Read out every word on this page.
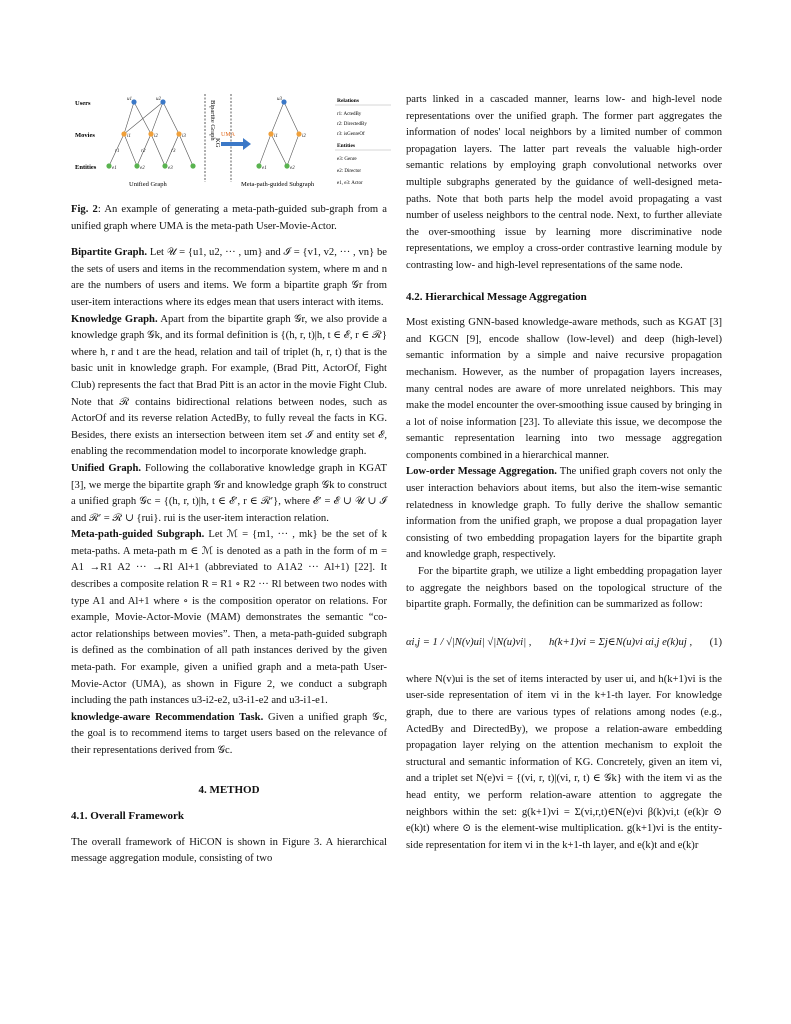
Users
Movies
Entities
u1	u2
i1	i2	i3
e1	e2	e3
r1	r2	r3
Unified Graph
Bipartite Graph
KG
UMA
u3
i1	i2
e1	e2
Meta-path-guided Subgraph
Relations
r1: ActedBy
r2: DirectedBy
r3: isGenreOf
Entities
e3: Genre
e2: Director
e1, e3: Actor

Fig. 2: An example of generating a meta-path-guided sub-graph from a unified graph where UMA is the meta-path User-Movie-Actor.

Bipartite Graph. Let 𝒰 = {u1, u2, ··· , um} and ℐ = {v1, v2, ··· , vn} be the sets of users and items in the recommendation system, where m and n are the numbers of users and items. We form a bipartite graph 𝒢r from user-item interactions where its edges mean that users interact with items.

Knowledge Graph. Apart from the bipartite graph 𝒢r, we also provide a knowledge graph 𝒢k, and its formal definition is {(h, r, t)|h, t ∈ ℰ, r ∈ ℛ} where h, r and t are the head, relation and tail of triplet (h, r, t) that is the basic unit in knowledge graph. For example, (Brad Pitt, ActorOf, Fight Club) represents the fact that Brad Pitt is an actor in the movie Fight Club. Note that ℛ contains bidirectional relations between nodes, such as ActorOf and its reverse relation ActedBy, to fully reveal the facts in KG. Besides, there exists an intersection between item set ℐ and entity set ℰ, enabling the recommendation model to incorporate knowledge graph.

Unified Graph. Following the collaborative knowledge graph in KGAT [3], we merge the bipartite graph 𝒢r and knowledge graph 𝒢k to construct a unified graph 𝒢c = {(h, r, t)|h, t ∈ ℰ′, r ∈ ℛ′}, where ℰ′ = ℰ ∪ 𝒰 ∪ ℐ and ℛ′ = ℛ ∪ {rui}. rui is the user-item interaction relation.

Meta-path-guided Subgraph. Let ℳ = {m1, ··· , mk} be the set of k meta-paths. A meta-path m ∈ ℳ is denoted as a path in the form of m = A1 →R1 A2 ··· →Rl Al+1 (abbreviated to A1A2 ··· Al+1) [22]. It describes a composite relation R = R1 ∘ R2 ··· Rl between two nodes with type A1 and Al+1 where ∘ is the composition operator on relations. For example, Movie-Actor-Movie (MAM) demonstrates the semantic “co-actor relationships between movies”. Then, a meta-path-guided subgraph is defined as the combination of all path instances derived by the given meta-path. For example, given a unified graph and a meta-path User-Movie-Actor (UMA), as shown in Figure 2, we conduct a subgraph including the path instances u3-i2-e2, u3-i1-e2 and u3-i1-e1.

knowledge-aware Recommendation Task. Given a unified graph 𝒢c, the goal is to recommend items to target users based on the relevance of their representations derived from 𝒢c.

4. METHOD
4.1. Overall Framework

The overall framework of HiCON is shown in Figure 3. A hierarchical message aggregation module, consisting of two

parts linked in a cascaded manner, learns low- and high-level node representations over the unified graph. The former part aggregates the information of nodes' local neighbors by a limited number of common propagation layers. The latter part reveals the valuable high-order semantic relations by employing graph convolutional networks over multiple subgraphs generated by the guidance of well-designed meta-paths. Note that both parts help the model avoid propagating a vast number of useless neighbors to the central node. Next, to further alleviate the over-smoothing issue by learning more discriminative node representations, we employ a cross-order contrastive learning module by contrasting low- and high-level representations of the same node.

4.2. Hierarchical Message Aggregation

Most existing GNN-based knowledge-aware methods, such as KGAT [3] and KGCN [9], encode shallow (low-level) and deep (high-level) semantic information by a simple and naive recursive propagation mechanism. However, as the number of propagation layers increases, many central nodes are aware of more unrelated neighbors. This may make the model encounter the over-smoothing issue caused by bringing in a lot of noise information [23]. To alleviate this issue, we decompose the semantic representation learning into two message aggregation components combined in a hierarchical manner.

Low-order Message Aggregation. The unified graph covers not only the user interaction behaviors about items, but also the item-wise semantic relatedness in knowledge graph. To fully derive the shallow semantic information from the unified graph, we propose a dual propagation layer consisting of two embedding propagation layers for the bipartite graph and knowledge graph, respectively.

For the bipartite graph, we utilize a light embedding propagation layer to aggregate the neighbors based on the topological structure of the bipartite graph. Formally, the definition can be summarized as follow:

αi,j = 1 / √|N(v)ui| √|N(u)vi| , h(k+1)vi = Σj∈N(u)vi αi,j e(k)uj , (1)

where N(v)ui is the set of items interacted by user ui, and h(k+1)vi is the user-side representation of item vi in the k+1-th layer. For knowledge graph, due to there are various types of relations among nodes (e.g., ActedBy and DirectedBy), we propose a relation-aware embedding propagation layer relying on the attention mechanism to exploit the structural and semantic information of KG. Concretely, given an item vi, and a triplet set N(e)vi = {(vi, r, t)|(vi, r, t) ∈ 𝒢k} with the item vi as the head entity, we perform relation-aware attention to aggregate the neighbors within the set: g(k+1)vi = Σ(vi,r,t)∈N(e)vi β(k)vi,t (e(k)r ⊙ e(k)t) where ⊙ is the element-wise multiplication. g(k+1)vi is the entity-side representation for item vi in the k+1-th layer, and e(k)t and e(k)r
